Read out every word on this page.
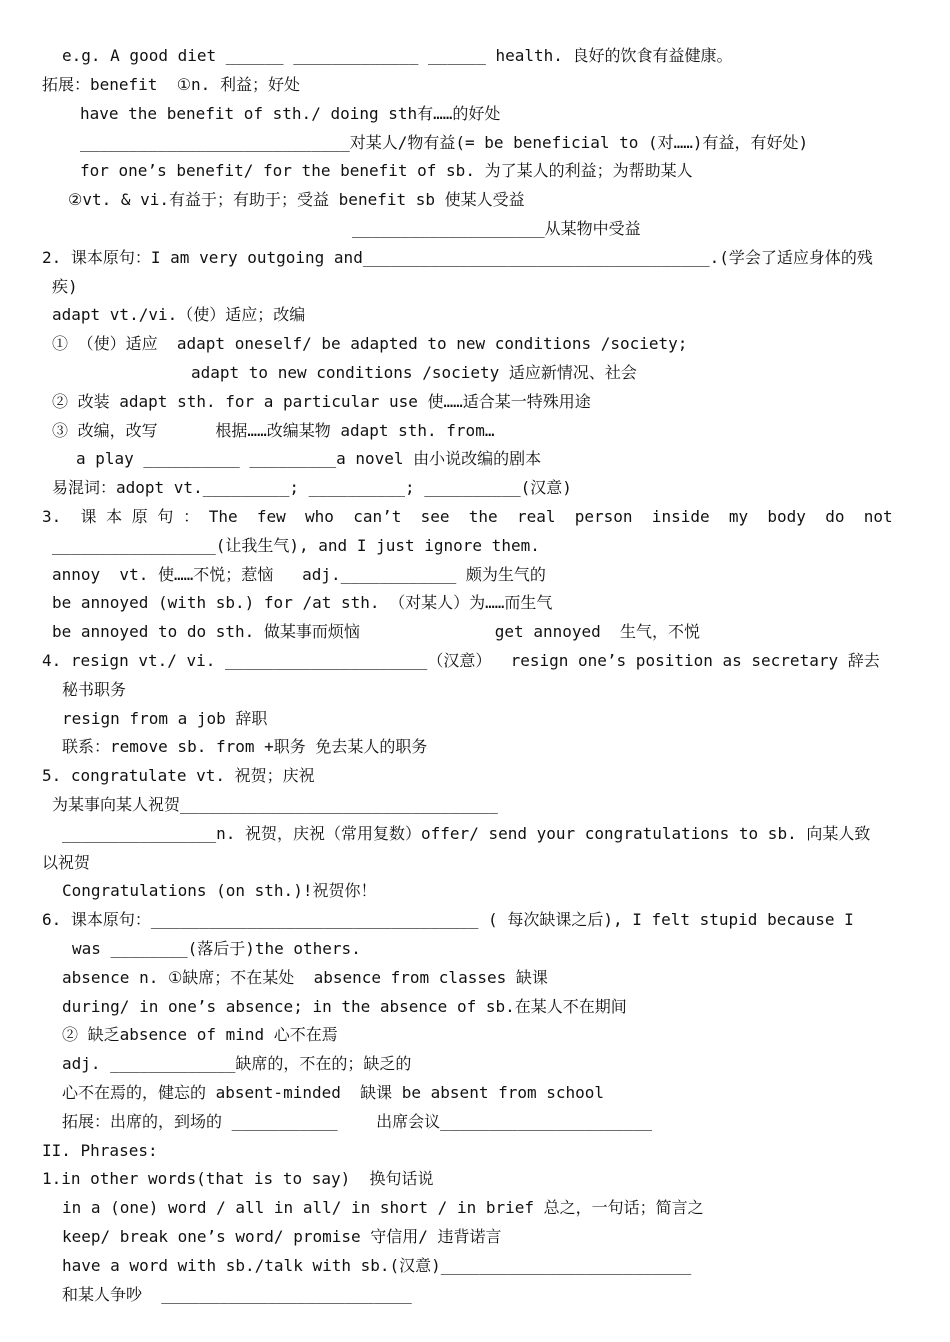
e.g. A good diet ______ _____________ ______ health. 良好的饮食有益健康。
拓展：benefit  ①n. 利益；好处
have the benefit of sth./ doing sth有……的好处
____________________________对某人/物有益(= be beneficial to (对……)有益，有好处)
for one’s benefit/ for the benefit of sb. 为了某人的利益；为帮助某人
②vt. & vi.有益于；有助于；受益 benefit sb 使某人受益
____________________从某物中受益
2. 课本原句：I am very outgoing and____________________________________.(学会了适应身体的残
疾)
adapt vt./vi.（使）适应；改编
① （使）适应  adapt oneself/ be adapted to new conditions /society;
adapt to new conditions /society 适应新情况、社会
② 改装 adapt sth. for a particular use 使……适合某一特殊用途
③ 改编，改写      根据……改编某物 adapt sth. from…
a play __________ _________a novel 由小说改编的剧本
易混词：adopt vt._________; __________; __________(汉意)
3.  课 本 原 句 ： The  few  who  can’t  see  the  real  person  inside  my  body  do  not
_________________(让我生气), and I just ignore them.
annoy  vt. 使……不悦；惹恼   adj.____________ 颇为生气的
be annoyed (with sb.) for /at sth. （对某人）为……而生气
be annoyed to do sth. 做某事而烦恼              get annoyed  生气，不悦
4. resign vt./ vi. _____________________（汉意）  resign one’s position as secretary 辞去
秘书职务
resign from a job 辞职
联系：remove sb. from +职务 免去某人的职务
5. congratulate vt. 祝贺；庆祝
为某事向某人祝贺_________________________________
________________n. 祝贺，庆祝（常用复数）offer/ send your congratulations to sb. 向某人致
以祝贺
Congratulations (on sth.)!祝贺你！
6. 课本原句：__________________________________ ( 每次缺课之后), I felt stupid because I
was ________(落后于)the others.
absence n. ①缺席；不在某处  absence from classes 缺课
during/ in one’s absence; in the absence of sb.在某人不在期间
② 缺乏absence of mind 心不在焉
adj. _____________缺席的，不在的；缺乏的
心不在焉的，健忘的 absent-minded  缺课 be absent from school
拓展：出席的，到场的 ___________    出席会议______________________
II. Phrases:
1.in other words(that is to say)  换句话说
in a (one) word / all in all/ in short / in brief 总之，一句话；简言之
keep/ break one’s word/ promise 守信用/ 违背诺言
have a word with sb./talk with sb.(汉意)__________________________
和某人争吵  __________________________
